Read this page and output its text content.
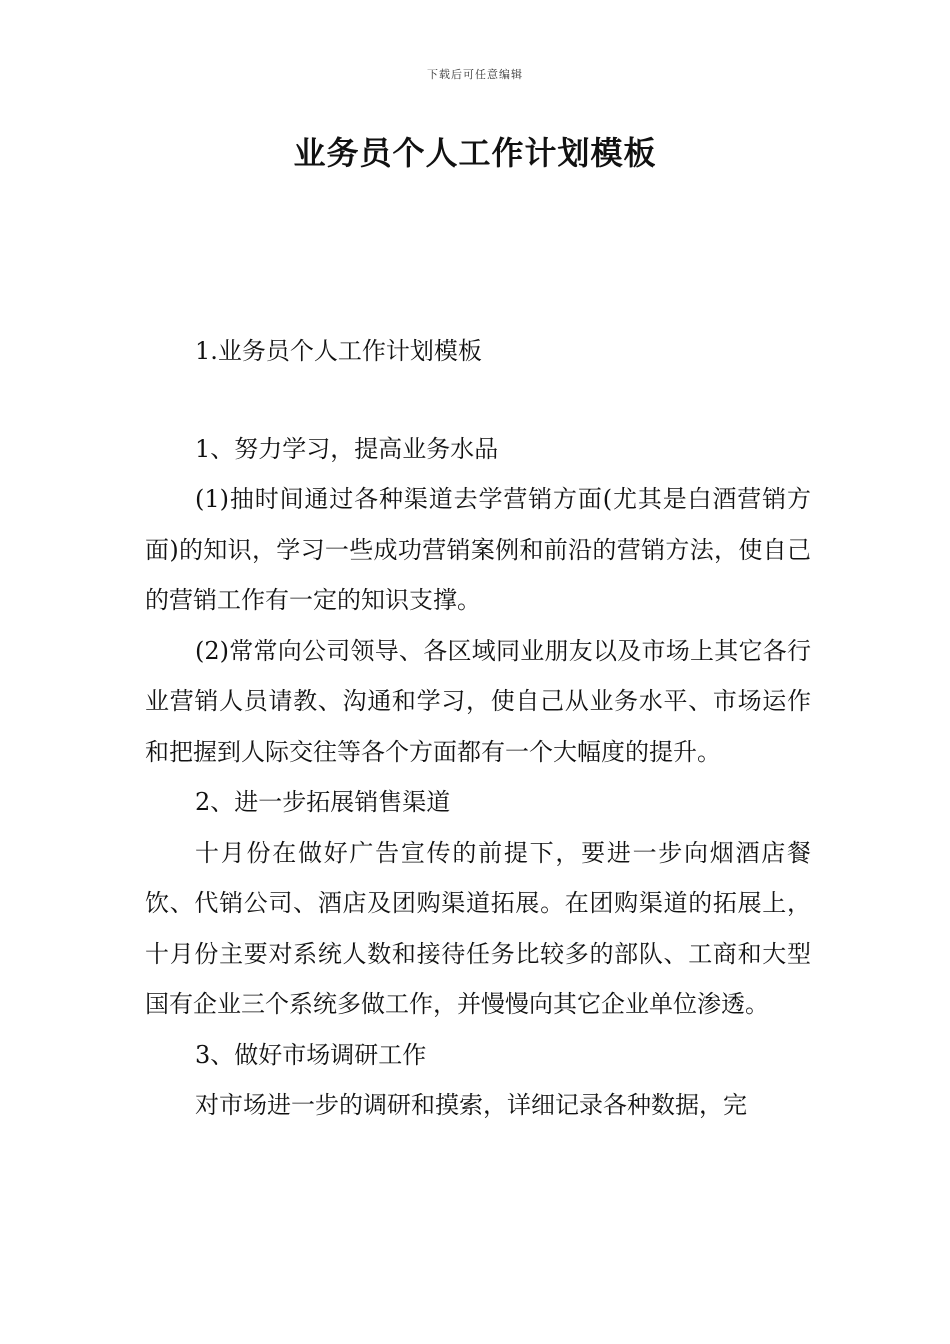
下载后可任意编辑
业务员个人工作计划模板

1.业务员个人工作计划模板

1、努力学习，提高业务水品

(1)抽时间通过各种渠道去学营销方面(尤其是白酒营销方面)的知识，学习一些成功营销案例和前沿的营销方法，使自己的营销工作有一定的知识支撑。

(2)常常向公司领导、各区域同业朋友以及市场上其它各行业营销人员请教、沟通和学习，使自己从业务水平、市场运作和把握到人际交往等各个方面都有一个大幅度的提升。

2、进一步拓展销售渠道

十月份在做好广告宣传的前提下，要进一步向烟酒店餐饮、代销公司、酒店及团购渠道拓展。在团购渠道的拓展上，十月份主要对系统人数和接待任务比较多的部队、工商和大型国有企业三个系统多做工作，并慢慢向其它企业单位渗透。

3、做好市场调研工作

对市场进一步的调研和摸索，详细记录各种数据，完
